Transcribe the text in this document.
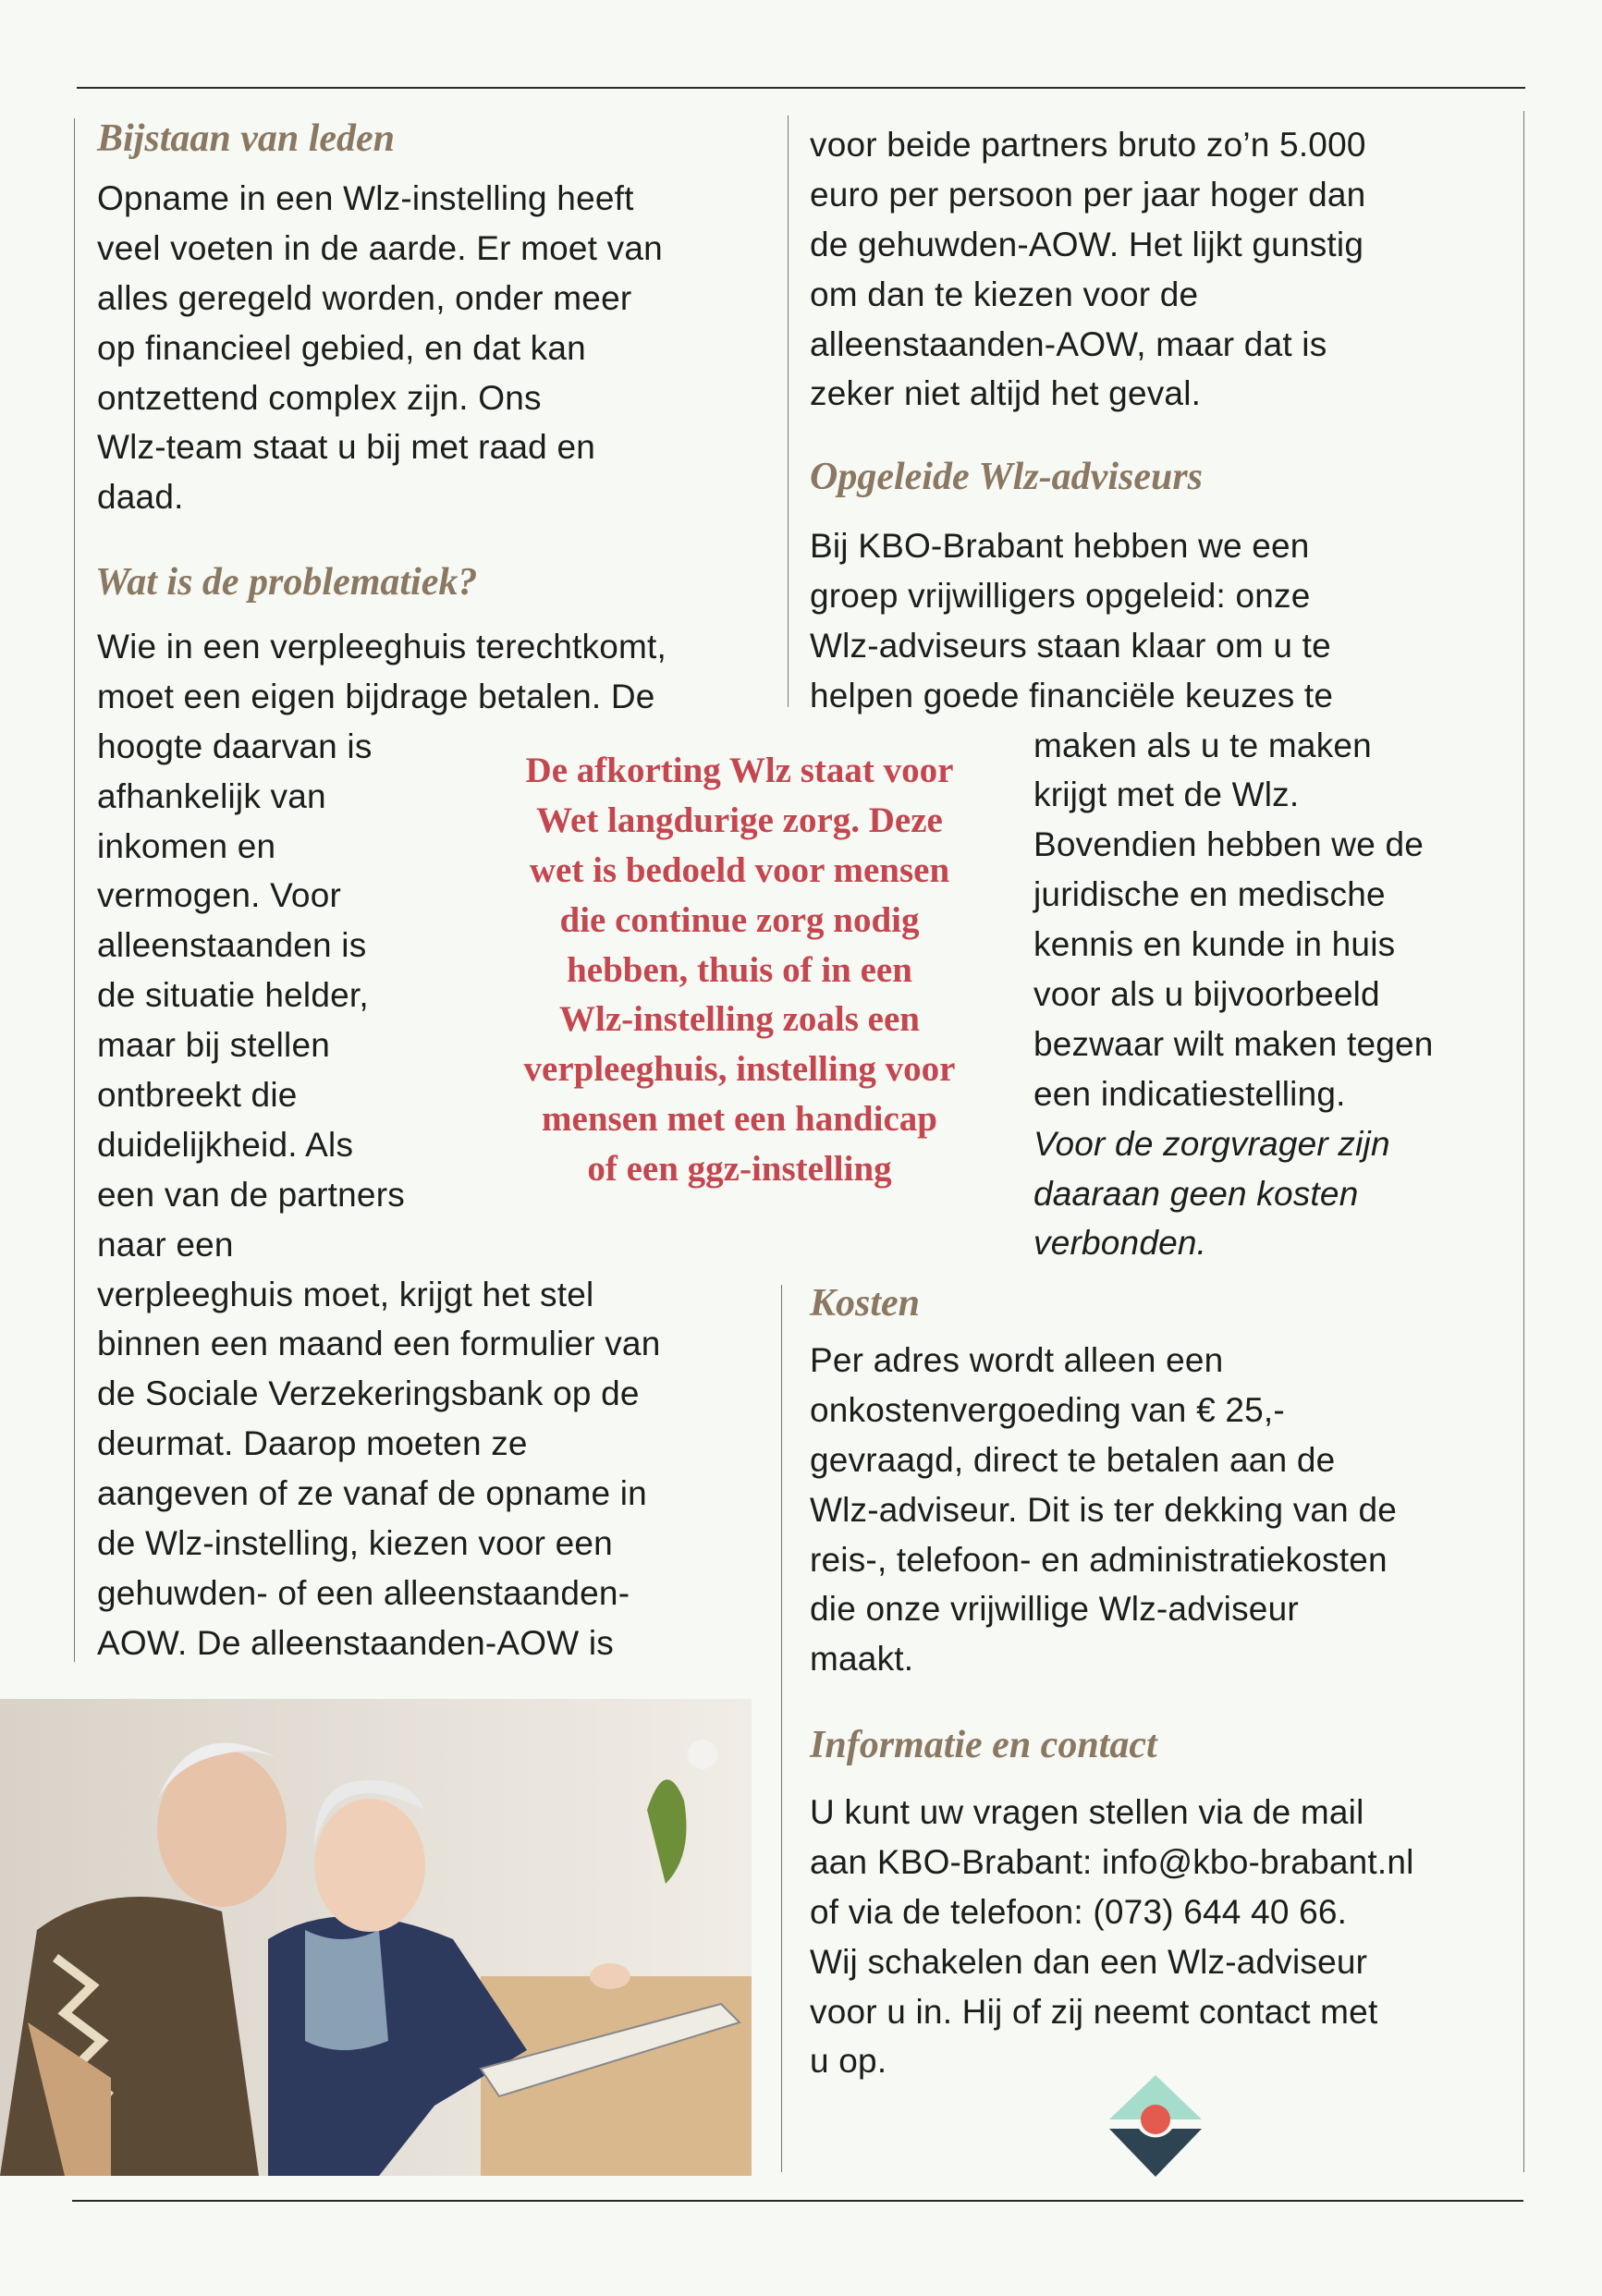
Bijstaan van leden
Opname in een Wlz-instelling heeft
veel voeten in de aarde. Er moet van
alles geregeld worden, onder meer
op financieel gebied, en dat kan
ontzettend complex zijn. Ons
Wlz-team staat u bij met raad en
daad.
Wat is de problematiek?
Wie in een verpleeghuis terechtkomt,
moet een eigen bijdrage betalen. De
hoogte daarvan is
afhankelijk van
inkomen en
vermogen. Voor
alleenstaanden is
de situatie helder,
maar bij stellen
ontbreekt die
duidelijkheid. Als
een van de partners
naar een
verpleeghuis moet, krijgt het stel
binnen een maand een formulier van
de Sociale Verzekeringsbank op de
deurmat. Daarop moeten ze
aangeven of ze vanaf de opname in
de Wlz-instelling, kiezen voor een
gehuwden- of een alleenstaanden-
AOW. De alleenstaanden-AOW is
De afkorting Wlz staat voor
Wet langdurige zorg. Deze
wet is bedoeld voor mensen
die continue zorg nodig
hebben, thuis of in een
Wlz-instelling zoals een
verpleeghuis, instelling voor
mensen met een handicap
of een ggz-instelling
voor beide partners bruto zo’n 5.000
euro per persoon per jaar hoger dan
de gehuwden-AOW. Het lijkt gunstig
om dan te kiezen voor de
alleenstaanden-AOW, maar dat is
zeker niet altijd het geval.
Opgeleide Wlz-adviseurs
Bij KBO-Brabant hebben we een
groep vrijwilligers opgeleid: onze
Wlz-adviseurs staan klaar om u te
helpen goede financiële keuzes te
maken als u te maken
krijgt met de Wlz.
Bovendien hebben we de
juridische en medische
kennis en kunde in huis
voor als u bijvoorbeeld
bezwaar wilt maken tegen
een indicatiestelling.
Voor de zorgvrager zijn
daaraan geen kosten
verbonden.
Kosten
Per adres wordt alleen een
onkostenvergoeding van € 25,-
gevraagd, direct te betalen aan de
Wlz-adviseur. Dit is ter dekking van de
reis-, telefoon- en administratiekosten
die onze vrijwillige Wlz-adviseur
maakt.
Informatie en contact
U kunt uw vragen stellen via de mail
aan KBO-Brabant: info@kbo-brabant.nl
of via de telefoon: (073) 644 40 66.
Wij schakelen dan een Wlz-adviseur
voor u in. Hij of zij neemt contact met
u op.
